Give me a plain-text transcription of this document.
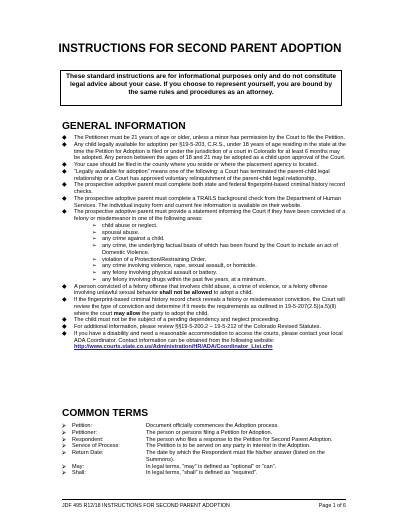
INSTRUCTIONS FOR SECOND PARENT ADOPTION
These standard instructions are for informational purposes only and do not constitute legal advice about your case. If you choose to represent yourself, you are bound by the same rules and procedures as an attorney.
GENERAL INFORMATION
◆ The Petitioner must be 21 years of age or older, unless a minor has permission by the Court to file the Petition.
◆ Any child legally available for adoption per §19-5-203, C.R.S., under 18 years of age residing in the state at the time the Petition for Adoption is filed or under the jurisdiction of a court in Colorado for at least 6 months may be adopted. Any person between the ages of 18 and 21 may be adopted as a child upon approval of the Court.
◆ Your case should be filed in the county where you reside or where the placement agency is located.
◆ “Legally available for adoption” means one of the following: a Court has terminated the parent-child legal relationship or a Court has approved voluntary relinquishment of the parent-child legal relationship.
◆ The prospective adoptive parent must complete both state and federal fingerprint-based criminal history record checks.
◆ The prospective adoptive parent must complete a TRAILS background check from the Department of Human Services. The individual inquiry form and current fee information is available on their website.
◆ The prospective adoptive parent must provide a statement informing the Court if they have been convicted of a felony or misdemeanor in one of the following areas:
➢ child abuse or neglect.
➢ spousal abuse.
➢ any crime against a child.
➢ any crime, the underlying factual basis of which has been found by the Court to include an act of Domestic Violence.
➢ violation of a Protection/Restraining Order.
➢ any crime involving violence, rape, sexual assault, or homicide.
➢ any felony involving physical assault or battery.
➢ any felony involving drugs within the past five years, at a minimum.
◆ A person convicted of a felony offense that involves child abuse, a crime of violence, or a felony offense involving unlawful sexual behavior shall not be allowed to adopt a child.
◆ If the fingerprint-based criminal history record check reveals a felony or misdemeanor conviction, the Court will review the type of conviction and determine if it meets the requirements as outlined in 19-5-207(2.5)(a.5)(ll) where the court may allow the party to adopt the child.
◆ The child must not be the subject of a pending dependency and neglect proceeding.
◆ For additional information, please review §§19-5-200.2 – 19-5-212 of the Colorado Revised Statutes.
◆ If you have a disability and need a reasonable accommodation to access the courts, please contact your local ADA Coordinator. Contact information can be obtained from the following website:
http://www.courts.state.co.us/Administration/HR/ADA/Coordinator_List.cfm
COMMON TERMS
⮚ Petition:	Document officially commences the Adoption process.
⮚ Petitioner:	The person or persons filing a Petition for Adoption.
⮚ Respondent:	The person who files a response to the Petition for Second Parent Adoption.
⮚ Service of Process:	The Petition is to be served on any party in interest in the Adoption.
⮚ Return Date:	The date by which the Respondent must file his/her answer (listed on the Summons).
⮚ May:	In legal terms, “may” is defined as “optional” or “can”.
⮚ Shall:	In legal terms, “shall” is defined as “required”.
JDF 495 R12/18 INSTRUCTIONS FOR SECOND PARENT ADOPTION	Page 1 of 6
